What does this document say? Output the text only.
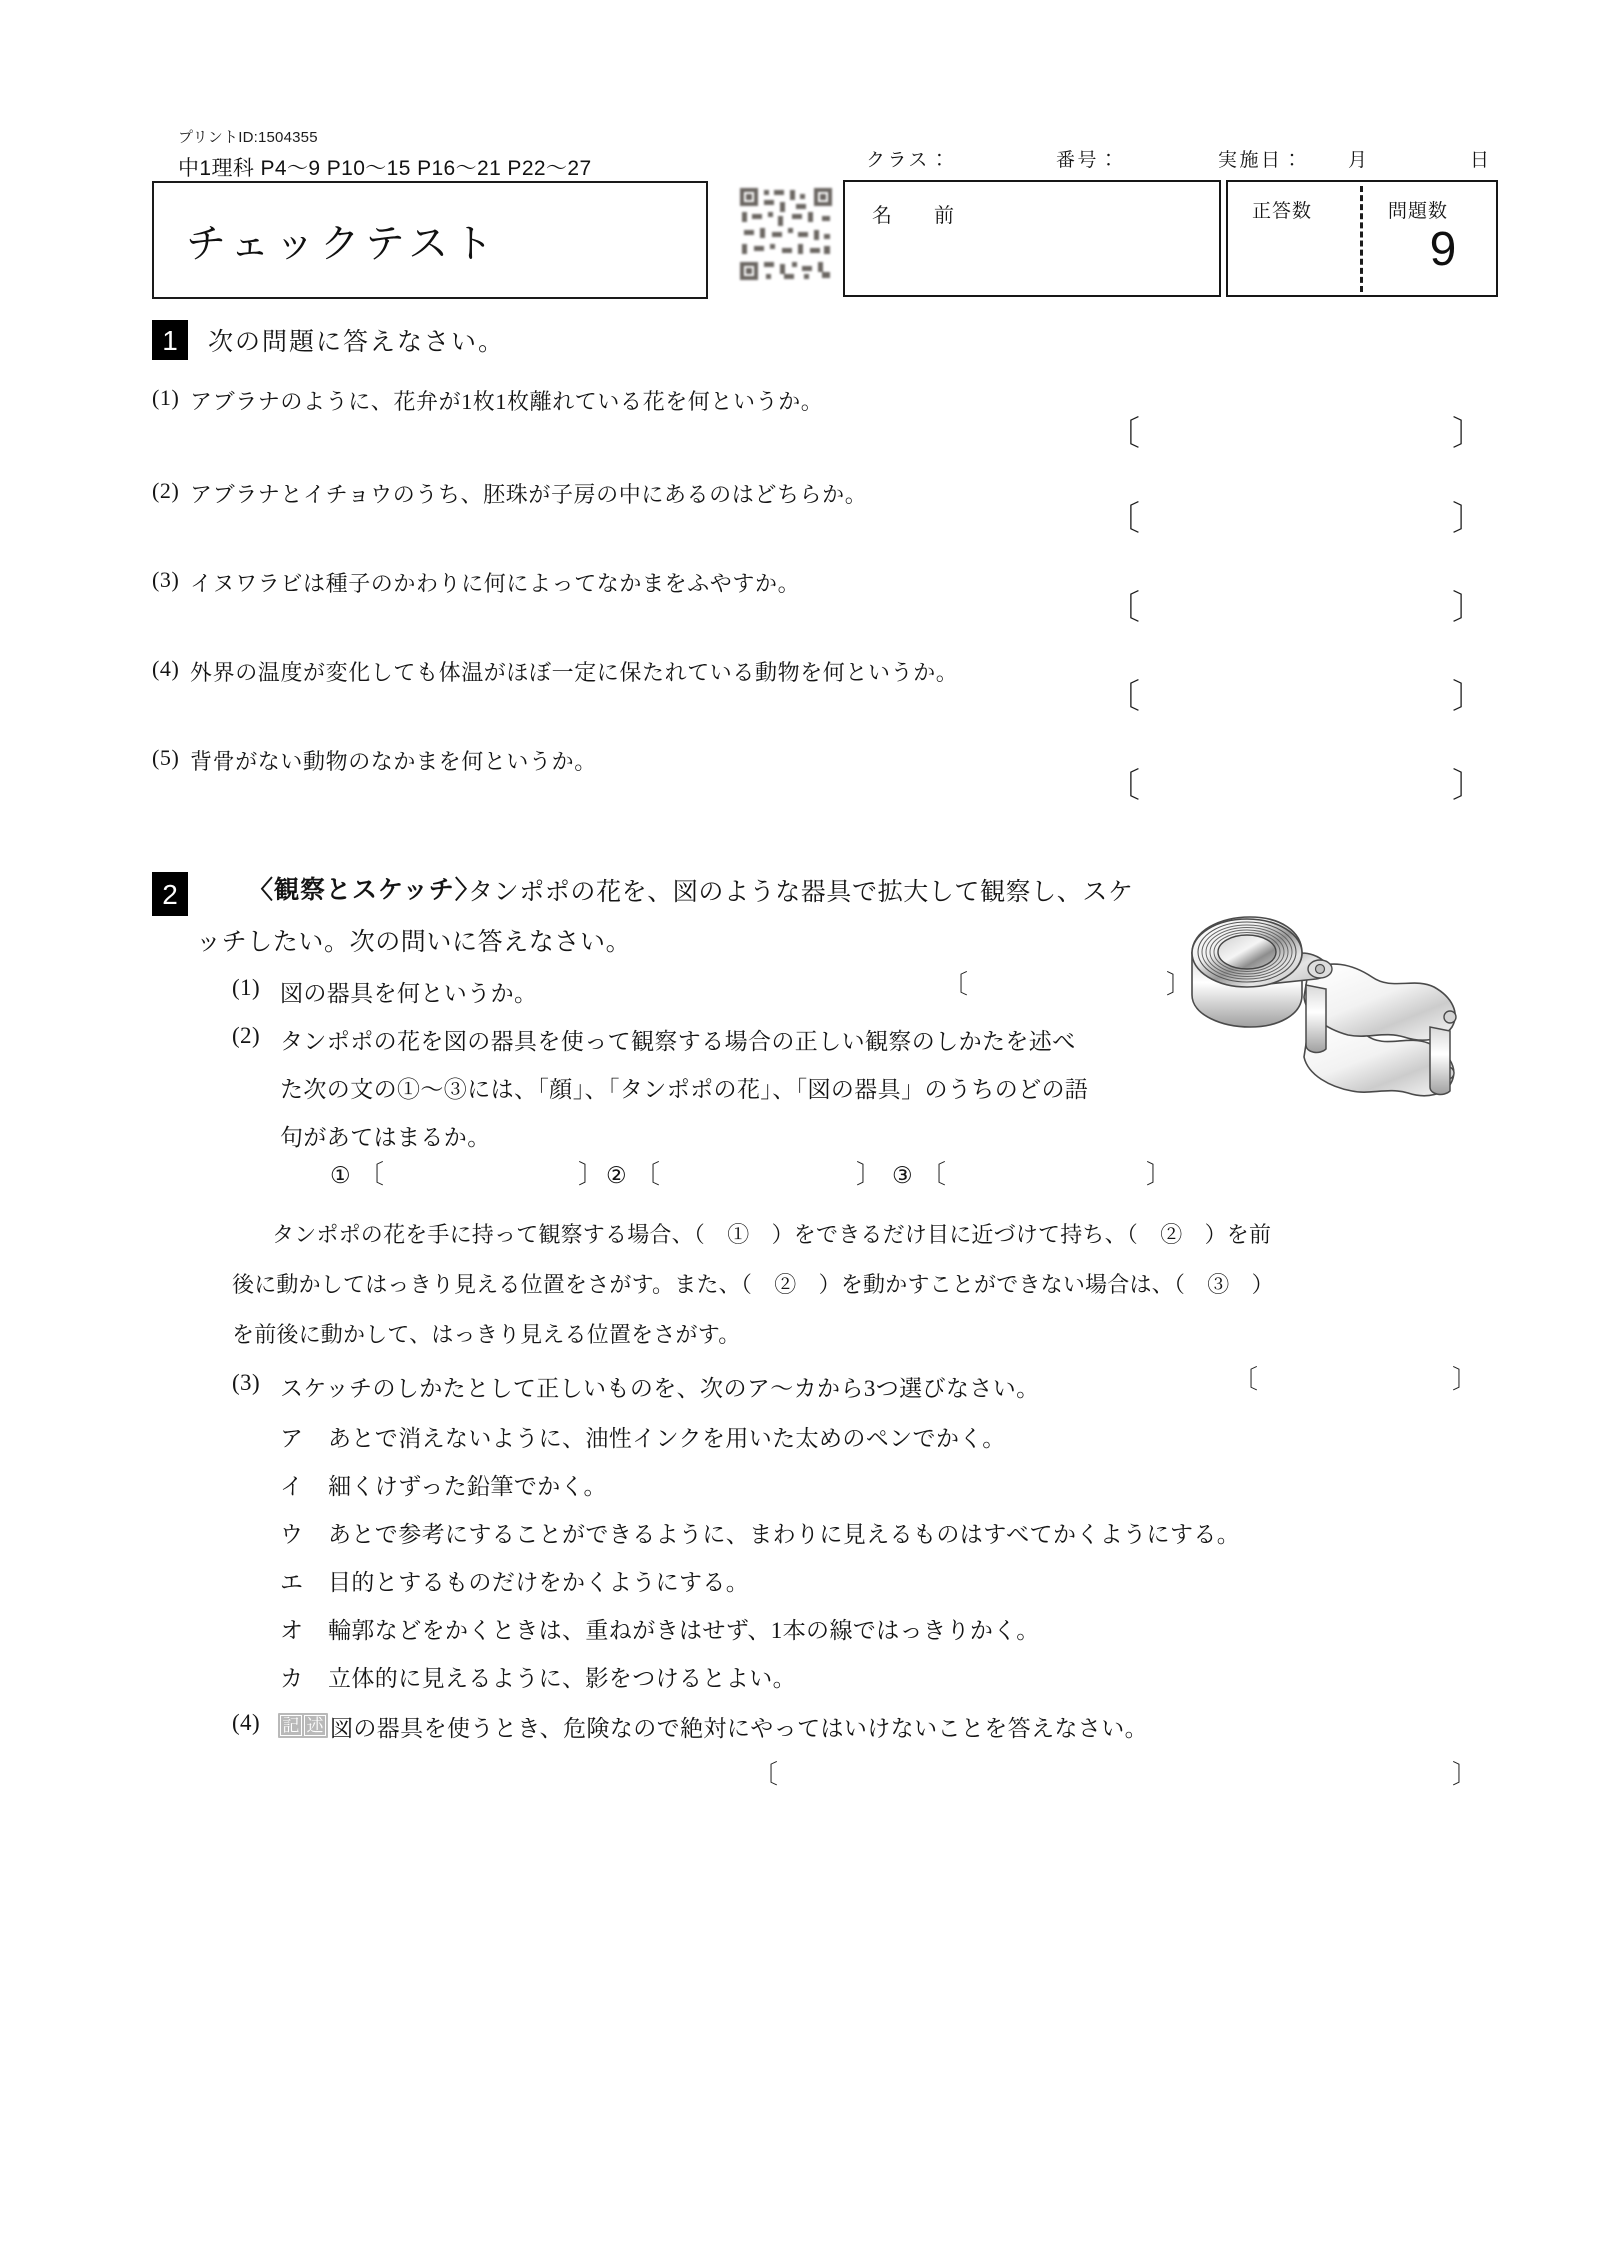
プリントID:1504355
中1理科 P4〜9 P10〜15 P16〜21 P22〜27
チェックテスト
クラス：	番号：	実施日： 月	日
名　前	正答数	問題数
9
1	次の問題に答えなさい。
(1) アブラナのように、花弁が1枚1枚離れている花を何というか。
〔	〕
(2) アブラナとイチョウのうち、胚珠が子房の中にあるのはどちらか。
〔	〕
(3) イヌワラビは種子のかわりに何によってなかまをふやすか。
〔	〕
(4) 外界の温度が変化しても体温がほぼ一定に保たれている動物を何というか。
〔	〕
(5) 背骨がない動物のなかまを何というか。
〔	〕
2	〈観察とスケッチ〉
タンポポの花を、図のような器具で拡大して観察し、スケ
ッチしたい。次の問いに答えなさい。
(1) 図の器具を何というか。	〔	〕
(2) タンポポの花を図の器具を使って観察する場合の正しい観察のしかたを述べ
た次の文の①〜③には、「顔」、「タンポポの花」、「図の器具」のうちのどの語
句があてはまるか。
① 〔	〕 ② 〔	〕 ③ 〔	〕
タンポポの花を手に持って観察する場合、（　①　）をできるだけ目に近づけて持ち、（　②　）を前
後に動かしてはっきり見える位置をさがす。また、（　②　）を動かすことができない場合は、（　③　）
を前後に動かして、はっきり見える位置をさがす。
(3) スケッチのしかたとして正しいものを、次のア〜カから3つ選びなさい。	〔	〕
ア あとで消えないように、油性インクを用いた太めのペンでかく。
イ 細くけずった鉛筆でかく。
ウ あとで参考にすることができるように、まわりに見えるものはすべてかくようにする。
エ 目的とするものだけをかくようにする。
オ 輪郭などをかくときは、重ねがきはせず、1本の線ではっきりかく。
カ 立体的に見えるように、影をつけるとよい。
(4) 記 述 図の器具を使うとき、危険なので絶対にやってはいけないことを答えなさい。
〔	〕
